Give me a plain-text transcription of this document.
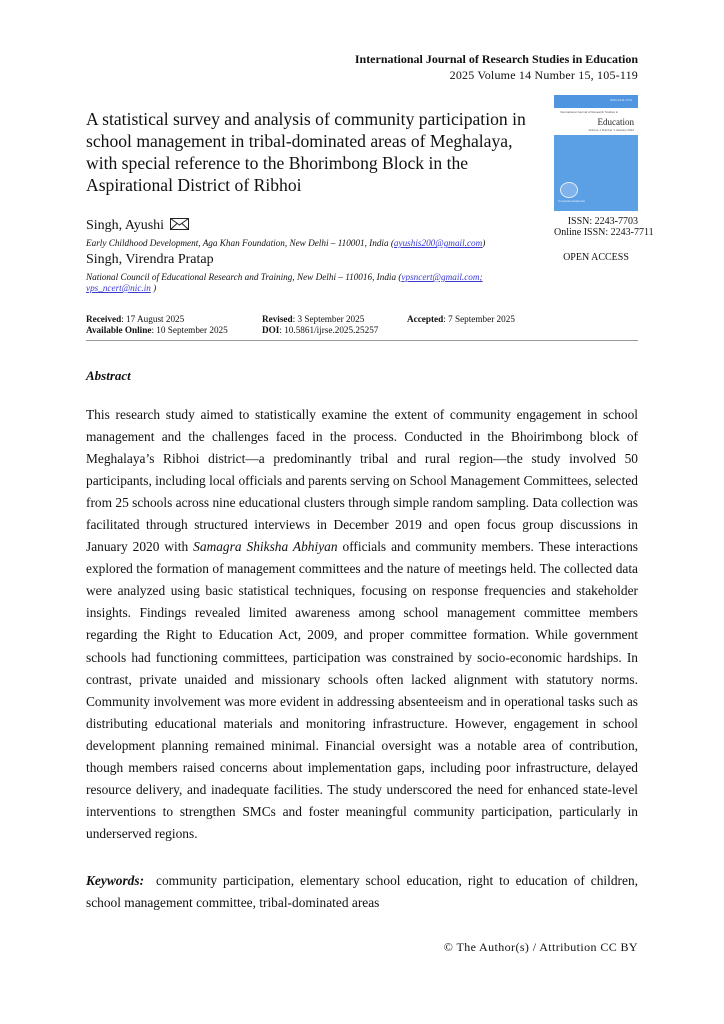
International Journal of Research Studies in Education
2025 Volume 14 Number 15, 105-119
A statistical survey and analysis of community participation in school management in tribal-dominated areas of Meghalaya, with special reference to the Bhorimbong Block in the Aspirational District of Ribhoi
ISSN 2243-7703
International Journal of Research Studies in
Education
Volume 1 Number 1 January 2012
Consortia Academia
ISSN: 2243-7703
Online ISSN: 2243-7711
OPEN ACCESS
Singh, Ayushi
Early Childhood Development, Aga Khan Foundation, New Delhi – 110001, India (ayushis200@gmail.com)
Singh, Virendra Pratap
National Council of Educational Research and Training, New Delhi – 110016, India (vpsncert@gmail.com;
vps_ncert@nic.in )
Received: 17 August 2025	Revised: 3 September 2025	Accepted: 7 September 2025
Available Online: 10 September 2025	DOI: 10.5861/ijrse.2025.25257
Abstract
This research study aimed to statistically examine the extent of community engagement in school management and the challenges faced in the process. Conducted in the Bhoirimbong block of Meghalaya’s Ribhoi district—a predominantly tribal and rural region—the study involved 50 participants, including local officials and parents serving on School Management Committees, selected from 25 schools across nine educational clusters through simple random sampling. Data collection was facilitated through structured interviews in December 2019 and open focus group discussions in January 2020 with Samagra Shiksha Abhiyan officials and community members. These interactions explored the formation of management committees and the nature of meetings held. The collected data were analyzed using basic statistical techniques, focusing on response frequencies and stakeholder insights. Findings revealed limited awareness among school management committee members regarding the Right to Education Act, 2009, and proper committee formation. While government schools had functioning committees, participation was constrained by socio-economic hardships. In contrast, private unaided and missionary schools often lacked alignment with statutory norms. Community involvement was more evident in addressing absenteeism and in operational tasks such as distributing educational materials and monitoring infrastructure. However, engagement in school development planning remained minimal. Financial oversight was a notable area of contribution, though members raised concerns about implementation gaps, including poor infrastructure, delayed resource delivery, and inadequate facilities. The study underscored the need for enhanced state-level interventions to strengthen SMCs and foster meaningful community participation, particularly in underserved regions.
Keywords: community participation, elementary school education, right to education of children, school management committee, tribal-dominated areas
© The Author(s) / Attribution CC BY
